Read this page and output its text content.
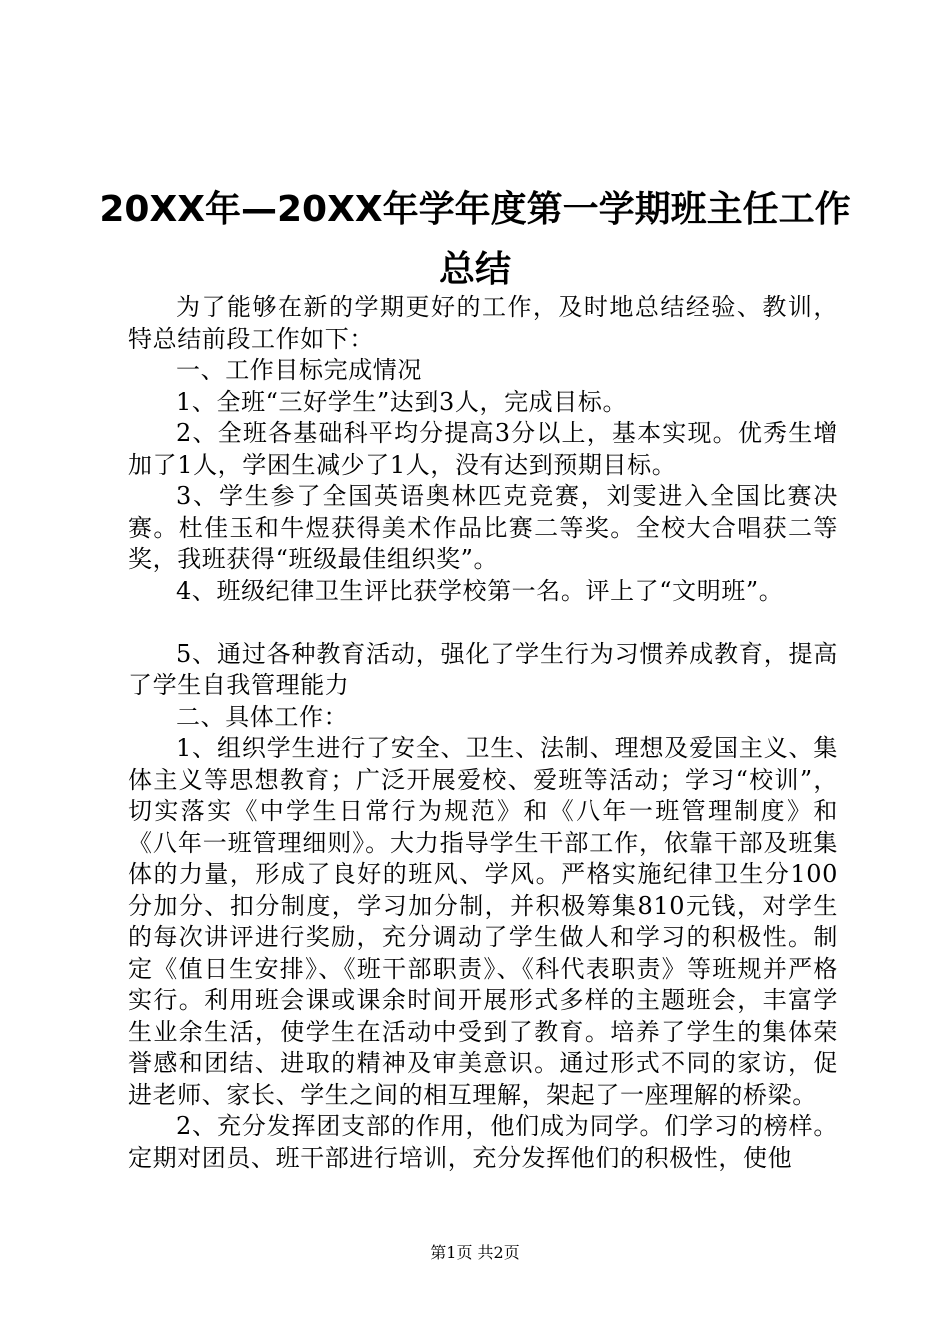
20XX年—20XX年学年度第一学期班主任工作
总结

为了能够在新的学期更好的工作，及时地总结经验、教训，特总结前段工作如下：

一、工作目标完成情况

1、全班“三好学生”达到3人，完成目标。

2、全班各基础科平均分提高3分以上，基本实现。优秀生增加了1人，学困生减少了1人，没有达到预期目标。

3、学生参了全国英语奥林匹克竞赛，刘雯进入全国比赛决赛。杜佳玉和牛煜获得美术作品比赛二等奖。全校大合唱获二等奖，我班获得“班级最佳组织奖”。

4、班级纪律卫生评比获学校第一名。评上了“文明班”。

5、通过各种教育活动，强化了学生行为习惯养成教育，提高了学生自我管理能力

二、具体工作：

1、组织学生进行了安全、卫生、法制、理想及爱国主义、集体主义等思想教育；广泛开展爱校、爱班等活动；学习“校训”，切实落实《中学生日常行为规范》和《八年一班管理制度》和《八年一班管理细则》。大力指导学生干部工作，依靠干部及班集体的力量，形成了良好的班风、学风。严格实施纪律卫生分100分加分、扣分制度，学习加分制，并积极筹集810元钱，对学生的每次讲评进行奖励，充分调动了学生做人和学习的积极性。制定《值日生安排》、《班干部职责》、《科代表职责》等班规并严格实行。利用班会课或课余时间开展形式多样的主题班会，丰富学生业余生活，使学生在活动中受到了教育。培养了学生的集体荣誉感和团结、进取的精神及审美意识。通过形式不同的家访，促进老师、家长、学生之间的相互理解，架起了一座理解的桥梁。

2、充分发挥团支部的作用，他们成为同学。们学习的榜样。定期对团员、班干部进行培训，充分发挥他们的积极性，使他

第1页 共2页
